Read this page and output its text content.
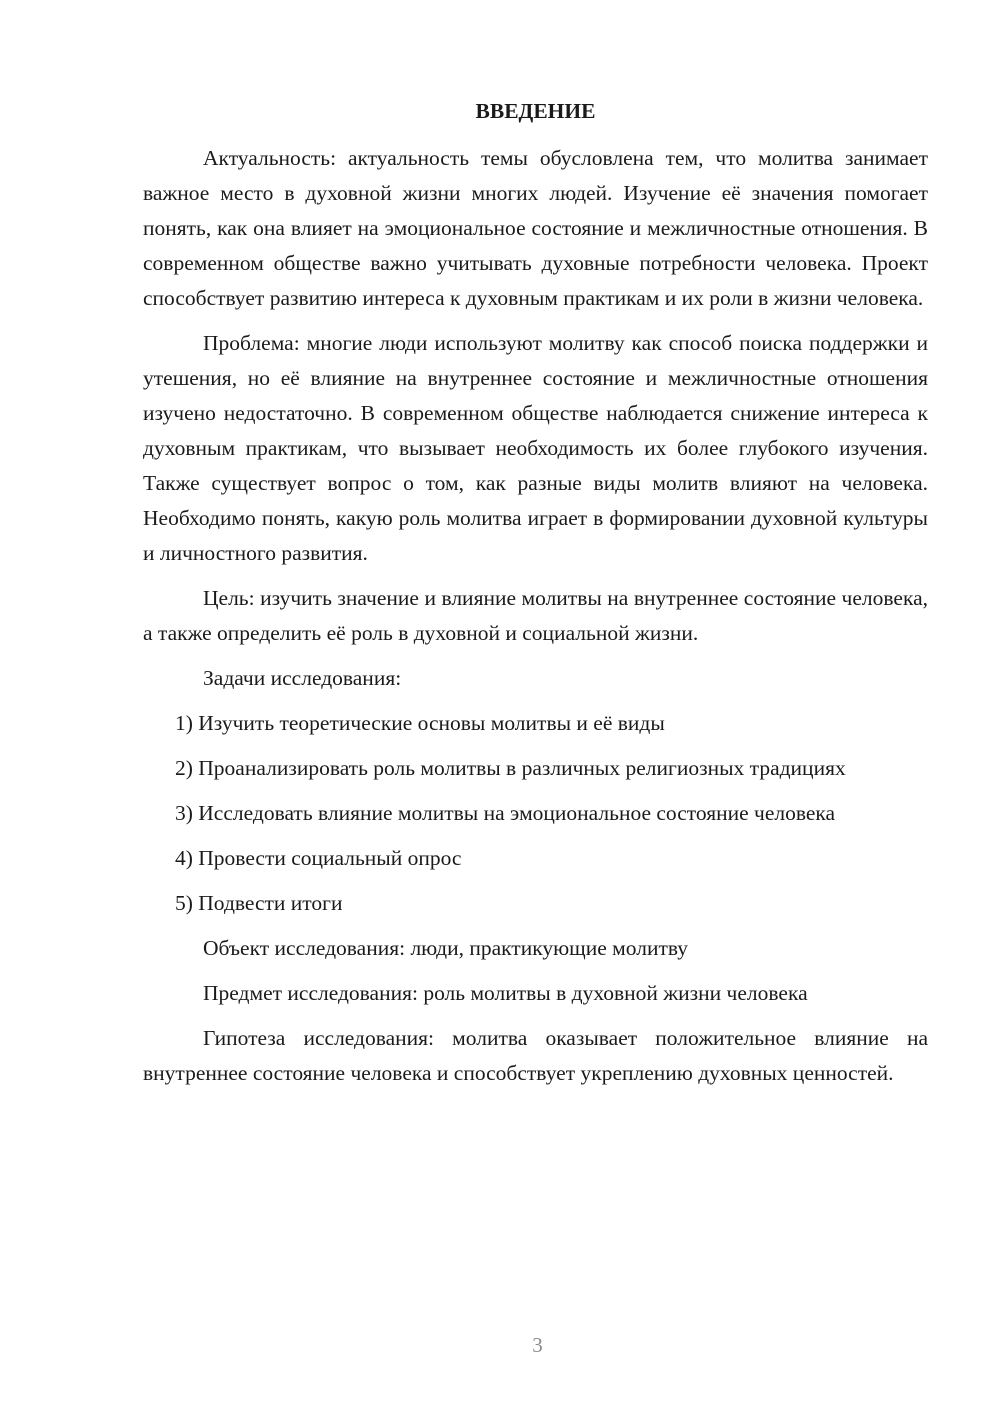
ВВЕДЕНИЕ

Актуальность: актуальность темы обусловлена тем, что молитва занимает важное место в духовной жизни многих людей. Изучение её значения помогает понять, как она влияет на эмоциональное состояние и межличностные отношения. В современном обществе важно учитывать духовные потребности человека. Проект способствует развитию интереса к духовным практикам и их роли в жизни человека.

Проблема: многие люди используют молитву как способ поиска поддержки и утешения, но её влияние на внутреннее состояние и межличностные отношения изучено недостаточно. В современном обществе наблюдается снижение интереса к духовным практикам, что вызывает необходимость их более глубокого изучения. Также существует вопрос о том, как разные виды молитв влияют на человека. Необходимо понять, какую роль молитва играет в формировании духовной культуры и личностного развития.

Цель: изучить значение и влияние молитвы на внутреннее состояние человека, а также определить её роль в духовной и социальной жизни.

Задачи исследования:

1) Изучить теоретические основы молитвы и её виды

2) Проанализировать роль молитвы в различных религиозных традициях

3) Исследовать влияние молитвы на эмоциональное состояние человека

4) Провести социальный опрос

5) Подвести итоги

Объект исследования: люди, практикующие молитву

Предмет исследования: роль молитвы в духовной жизни человека

Гипотеза исследования: молитва оказывает положительное влияние на внутреннее состояние человека и способствует укреплению духовных ценностей.

3
